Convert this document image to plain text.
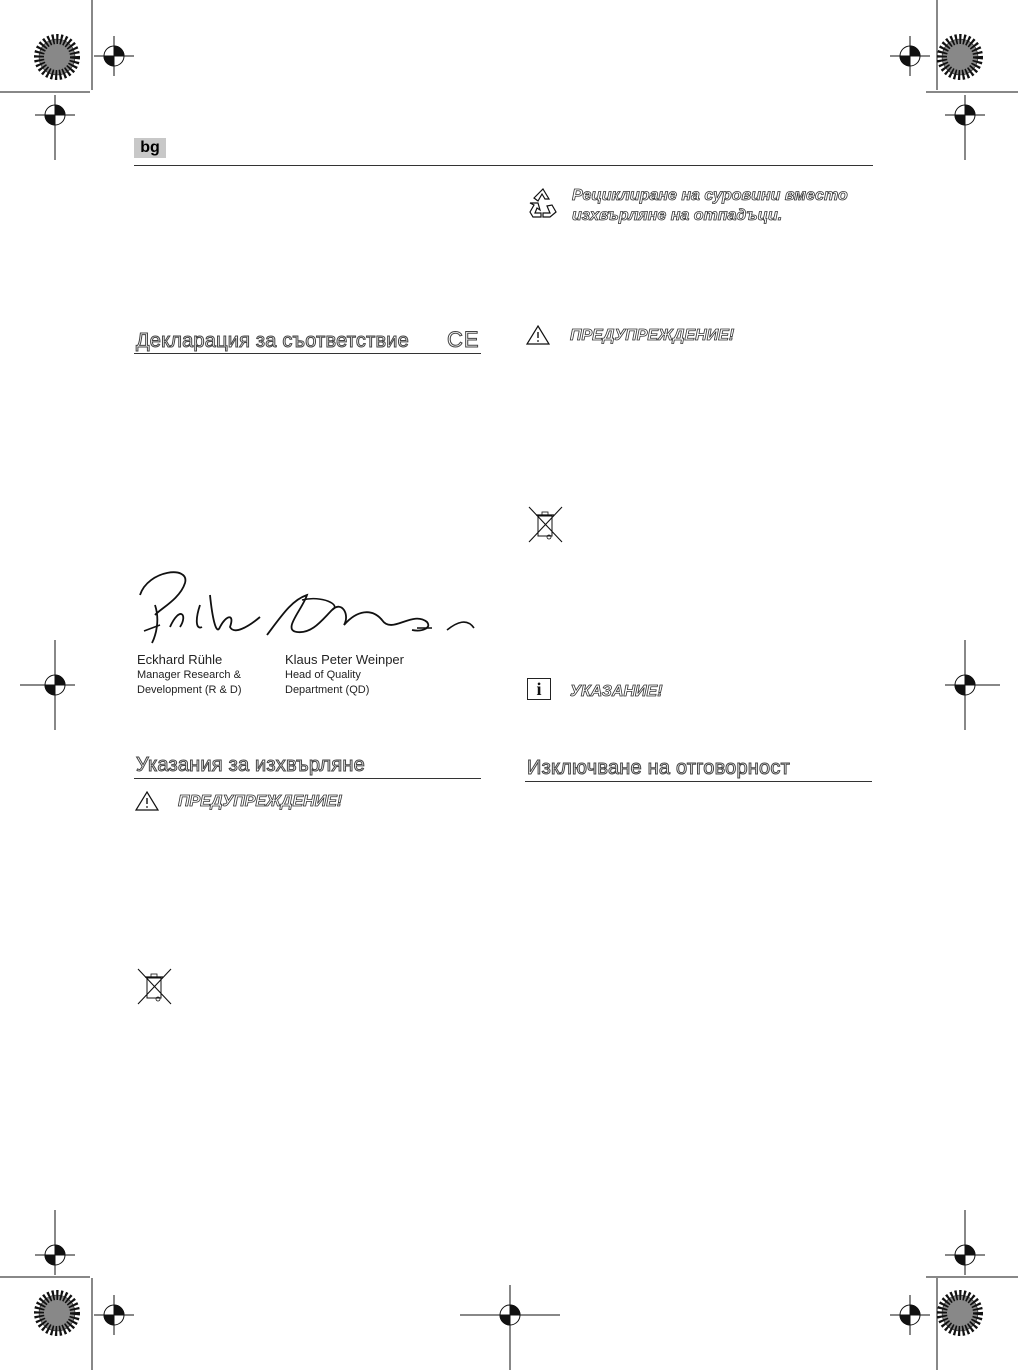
bg
Декларация за съответствие CE
Eckhard Rühle
Manager Research &
Development (R & D)
Klaus Peter Weinper
Head of Quality
Department (QD)
Указания за изхвърляне
ПРЕДУПРЕЖДЕНИЕ!
Рециклиране на суровини вместо
изхвърляне на отпадъци.
ПРЕДУПРЕЖДЕНИЕ!
i	УКАЗАНИЕ!
Изключване на отговорност
